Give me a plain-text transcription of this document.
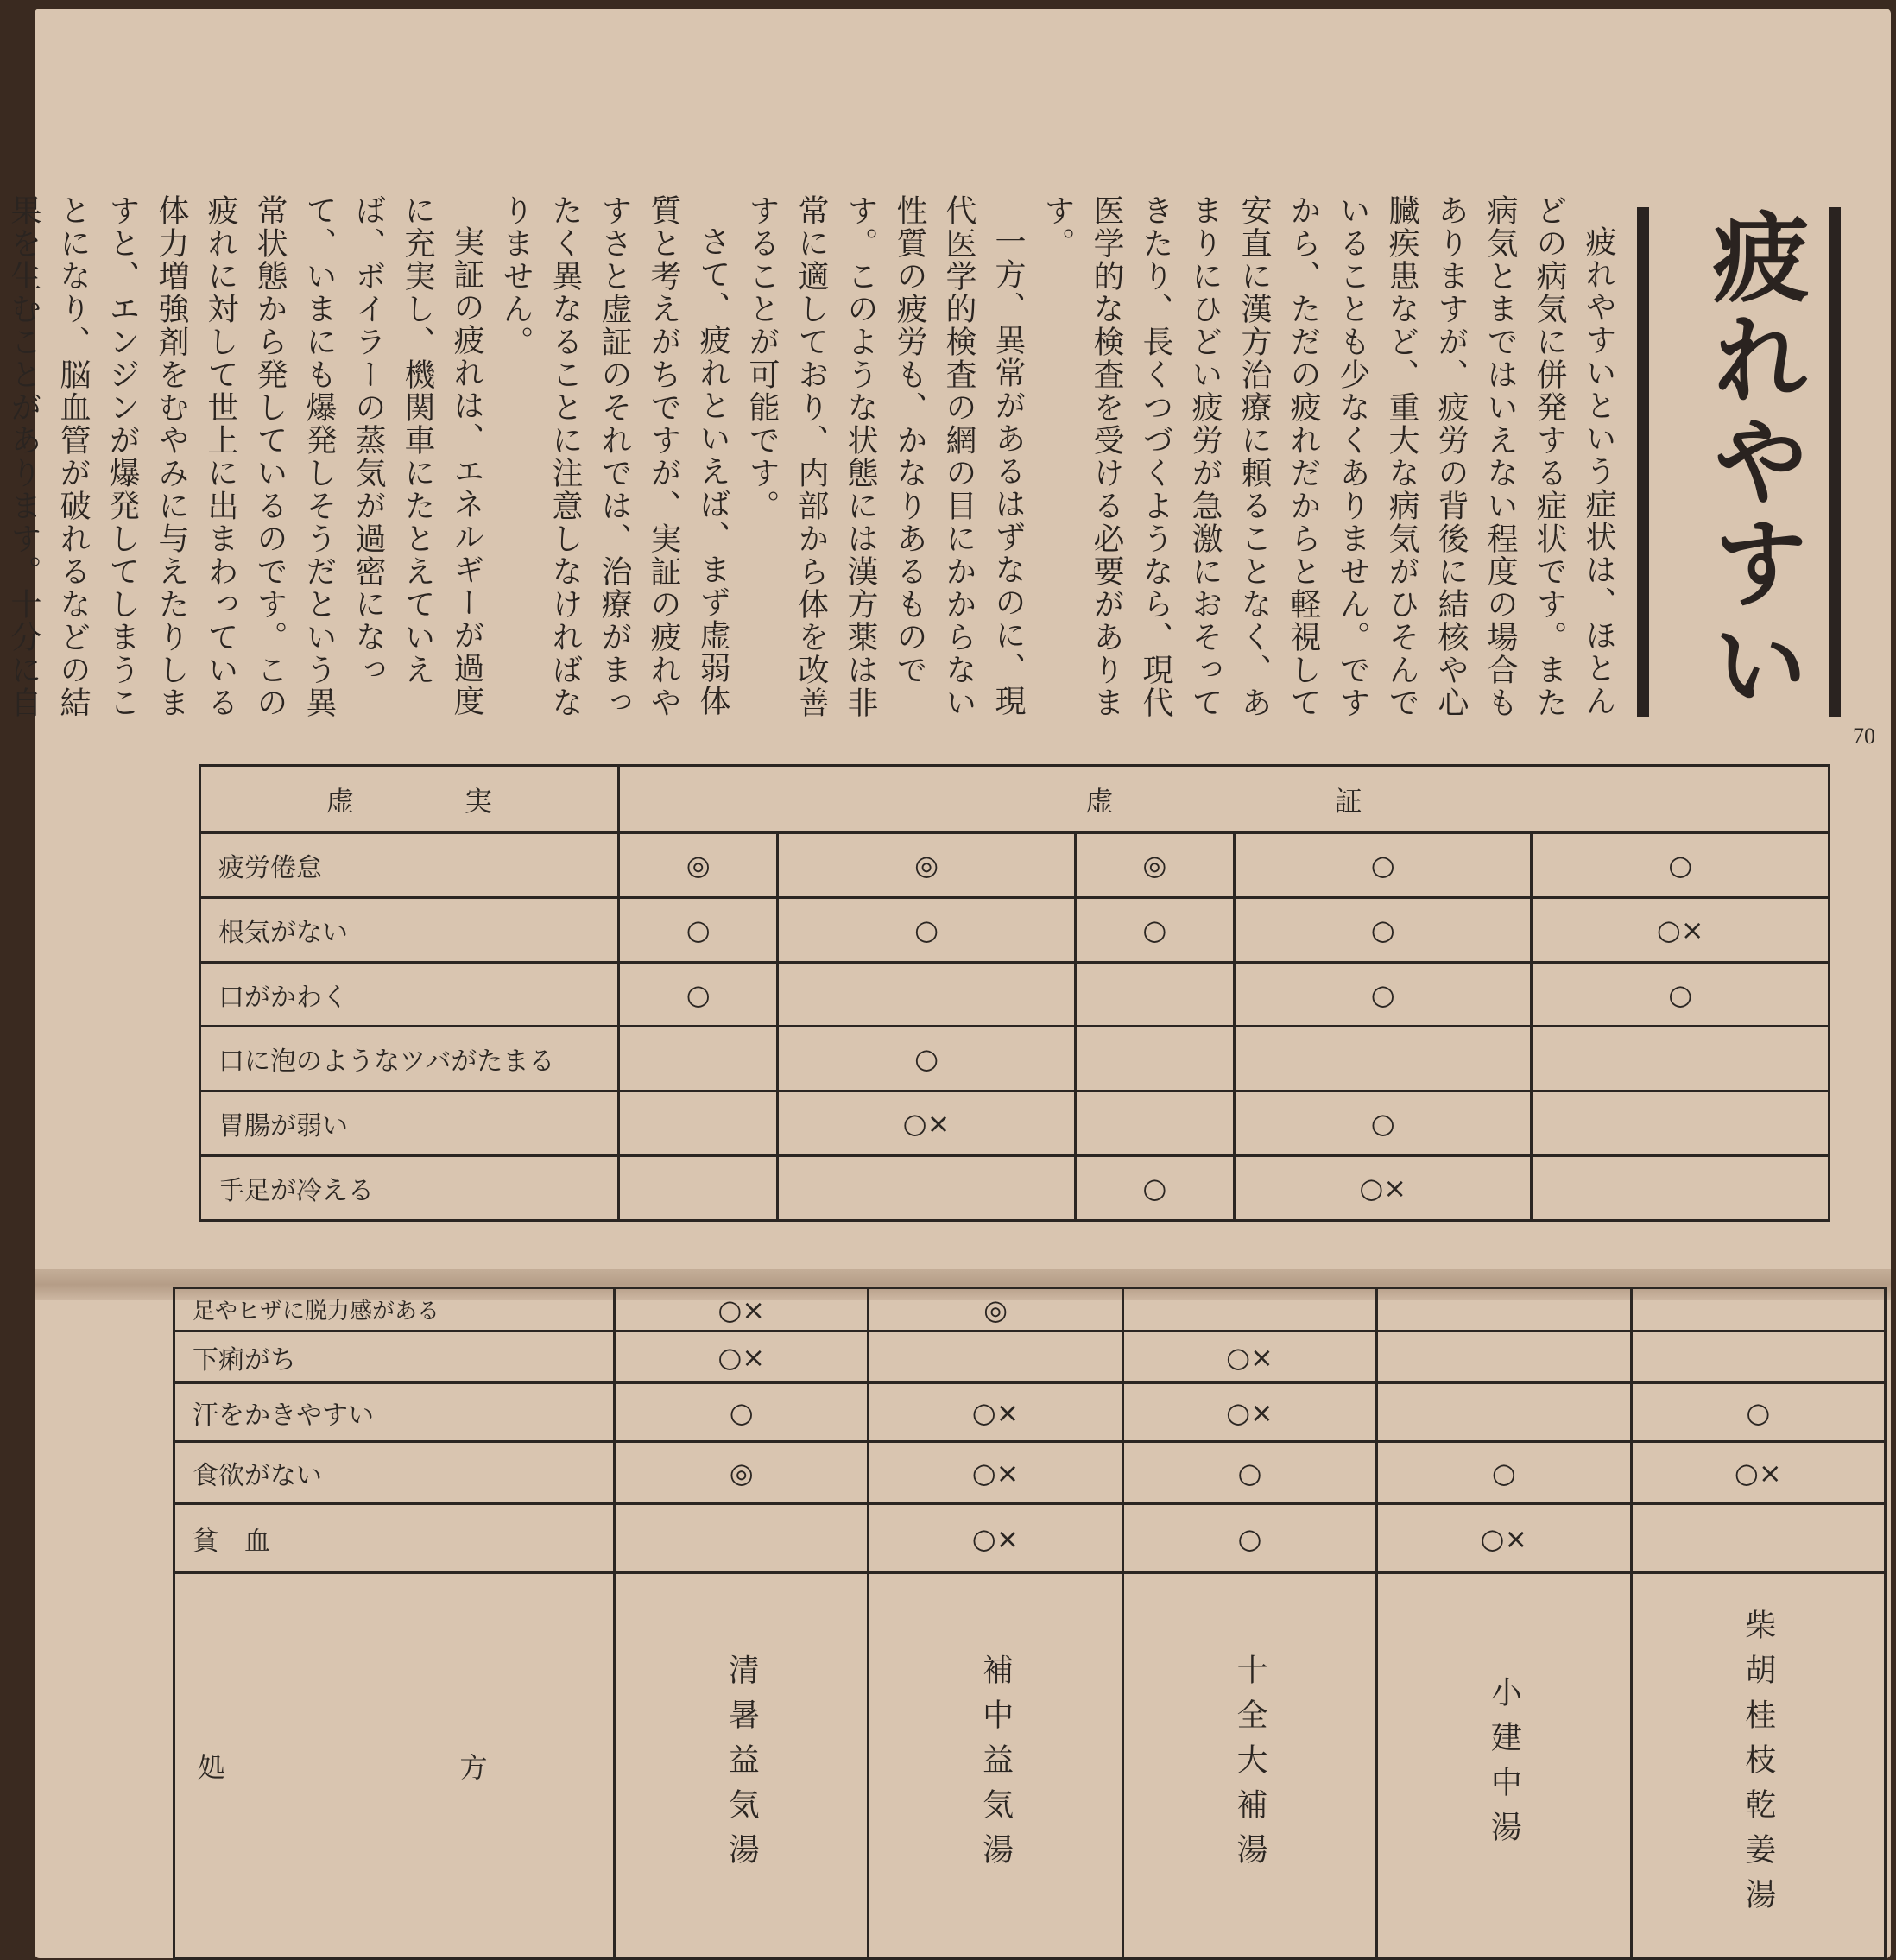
疲れやすい
70

疲れやすいという症状は、ほとんどの病気に併発する症状です。また病気とまではいえない程度の場合もありますが、疲労の背後に結核や心臓疾患など、重大な病気がひそんでいることも少なくありません。ですから、ただの疲れだからと軽視して安直に漢方治療に頼ることなく、あまりにひどい疲労が急激におそってきたり、長くつづくようなら、現代医学的な検査を受ける必要があります。

一方、異常があるはずなのに、現代医学的検査の網の目にかからない性質の疲労も、かなりあるものです。このような状態には漢方薬は非常に適しており、内部から体を改善することが可能です。

さて、疲れといえば、まず虚弱体質と考えがちですが、実証の疲れやすさと虚証のそれでは、治療がまったく異なることに注意しなければなりません。

実証の疲れは、エネルギーが過度に充実し、機関車にたとえていえば、ボイラーの蒸気が過密になって、いまにも爆発しそうだという異常状態から発しているのです。この疲れに対して世上に出まわっている体力増強剤をむやみに与えたりしますと、エンジンが爆発してしまうことになり、脳血管が破れるなどの結果を生むことがあります。十分に自

虚　　　　実	虚　　　　　　　　証				
疲労倦怠	◎	◎	◎	○	○
根気がない	○	○	○	○	○×
口がかわく	○			○	○
口に泡のようなツバがたまる		○			
胃腸が弱い		○×		○	
手足が冷える			○	○×	
足やヒザに脱力感がある	○×	◎			
下痢がち	○×		○×		
汗をかきやすい	○	○×	○×		○
食欲がない	◎	○×	○	○	○×
貧　血		○×	○	○×	
処　方	清暑益気湯	補中益気湯	十全大補湯	小建中湯	柴胡桂枝乾姜湯
